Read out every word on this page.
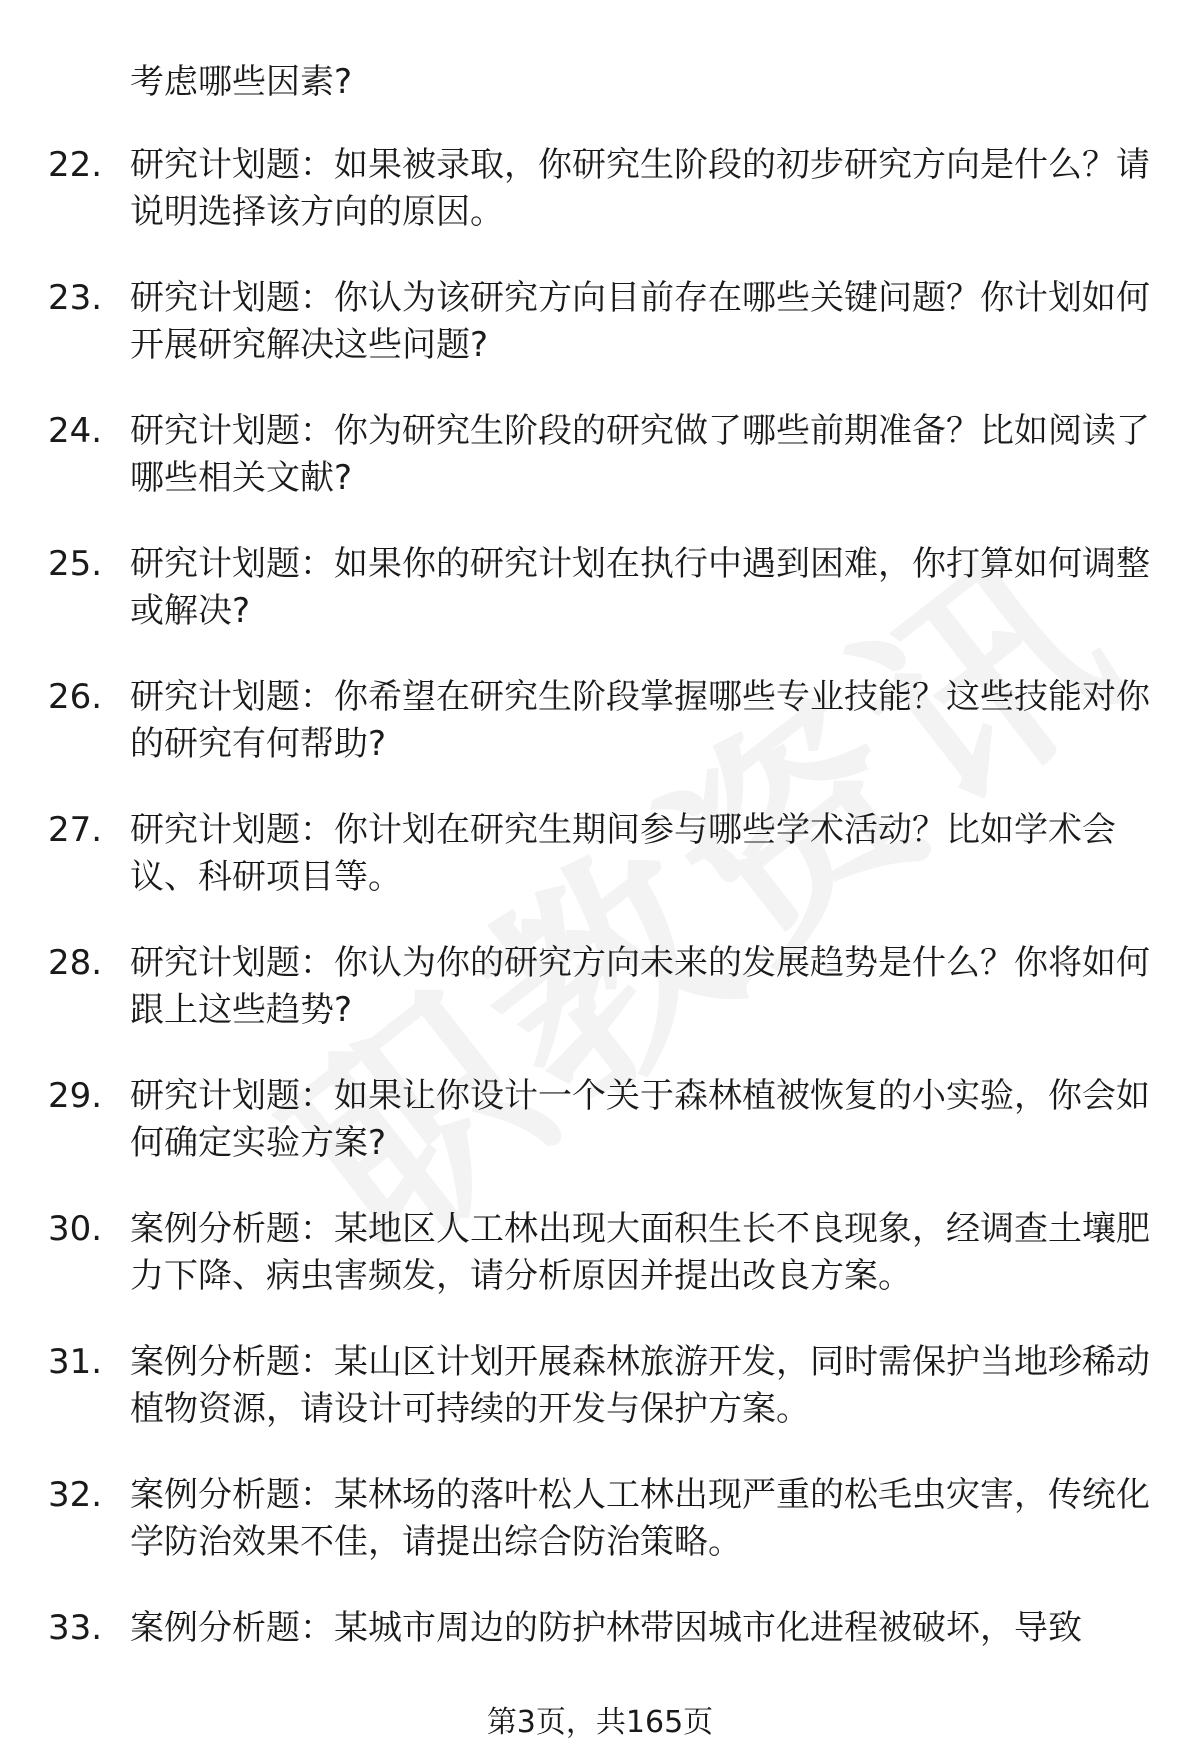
考虑哪些因素?
22. 研究计划题：如果被录取，你研究生阶段的初步研究方向是什么？请说明选择该方向的原因。
23. 研究计划题：你认为该研究方向目前存在哪些关键问题？你计划如何开展研究解决这些问题?
24. 研究计划题：你为研究生阶段的研究做了哪些前期准备？比如阅读了哪些相关文献?
25. 研究计划题：如果你的研究计划在执行中遇到困难，你打算如何调整或解决?
26. 研究计划题：你希望在研究生阶段掌握哪些专业技能？这些技能对你的研究有何帮助?
27. 研究计划题：你计划在研究生期间参与哪些学术活动？比如学术会议、科研项目等。
28. 研究计划题：你认为你的研究方向未来的发展趋势是什么？你将如何跟上这些趋势?
29. 研究计划题：如果让你设计一个关于森林植被恢复的小实验，你会如何确定实验方案?
30. 案例分析题：某地区人工林出现大面积生长不良现象，经调查土壤肥力下降、病虫害频发，请分析原因并提出改良方案。
31. 案例分析题：某山区计划开展森林旅游开发，同时需保护当地珍稀动植物资源，请设计可持续的开发与保护方案。
32. 案例分析题：某林场的落叶松人工林出现严重的松毛虫灾害，传统化学防治效果不佳，请提出综合防治策略。
33. 案例分析题：某城市周边的防护林带因城市化进程被破坏，导致
第3页，共165页
